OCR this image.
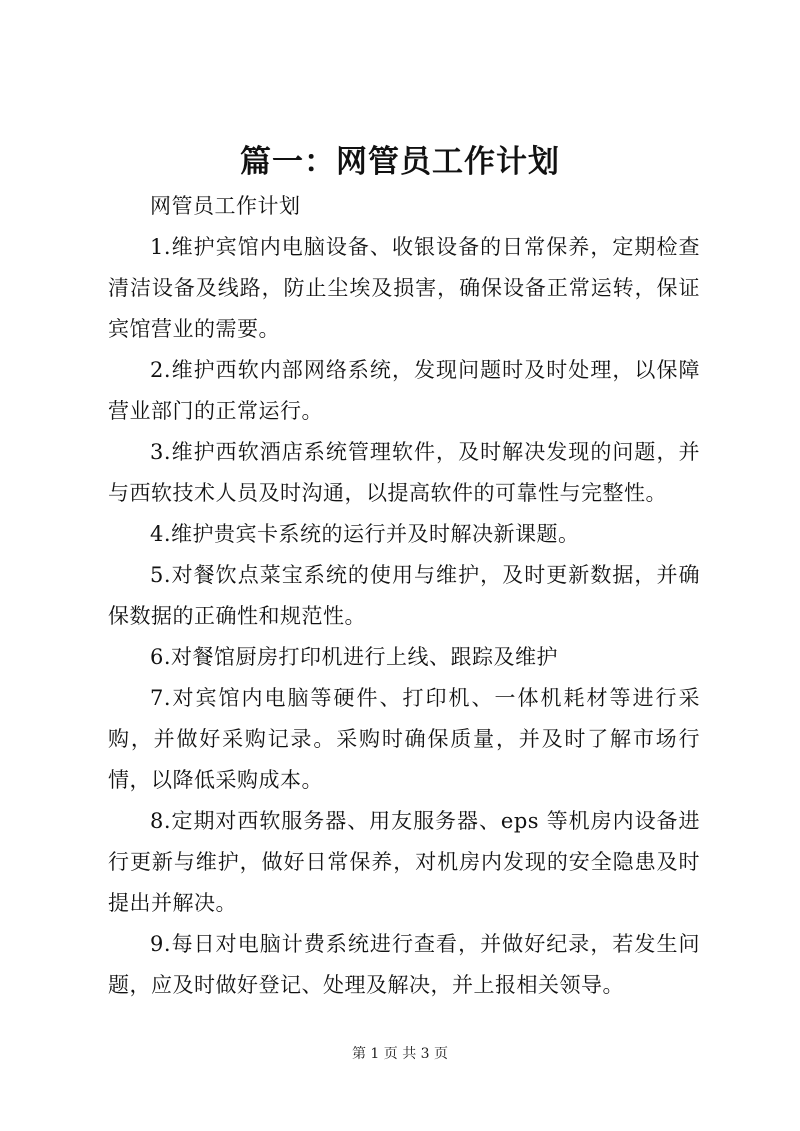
篇一：网管员工作计划

网管员工作计划

1.维护宾馆内电脑设备、收银设备的日常保养，定期检查清洁设备及线路，防止尘埃及损害，确保设备正常运转，保证宾馆营业的需要。

2.维护西软内部网络系统，发现问题时及时处理，以保障营业部门的正常运行。

3.维护西软酒店系统管理软件，及时解决发现的问题，并与西软技术人员及时沟通，以提高软件的可靠性与完整性。

4.维护贵宾卡系统的运行并及时解决新课题。

5.对餐饮点菜宝系统的使用与维护，及时更新数据，并确保数据的正确性和规范性。

6.对餐馆厨房打印机进行上线、跟踪及维护

7.对宾馆内电脑等硬件、打印机、一体机耗材等进行采购，并做好采购记录。采购时确保质量，并及时了解市场行情，以降低采购成本。

8.定期对西软服务器、用友服务器、eps 等机房内设备进行更新与维护，做好日常保养，对机房内发现的安全隐患及时提出并解决。

9.每日对电脑计费系统进行查看，并做好纪录，若发生问题，应及时做好登记、处理及解决，并上报相关领导。

第 1 页 共 3 页
